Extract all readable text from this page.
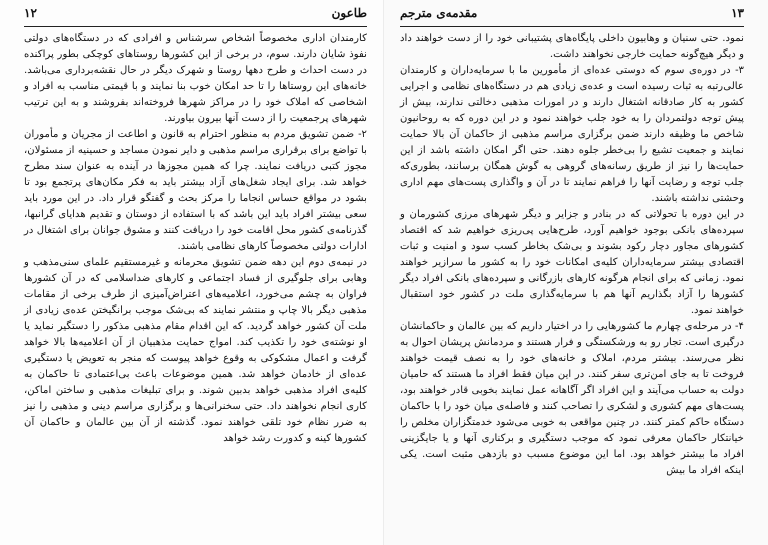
۱۲	طاعون

کارمندان اداری مخصوصاً اشخاص سرشناس و افرادی که در دستگاه‌های دولتی نفوذ شایان دارند. سوم، در برخی از این کشورها روستاهای کوچکی بطور پراکنده در دست احداث و طرح دهها روستا و شهرک دیگر در حال نقشه‌برداری می‌باشد. خانه‌های این روستاها را تا حد امکان خوب بنا نمایند و با قیمتی مناسب به افراد و اشخاصی که املاک خود را در مراکز شهرها فروخته‌اند بفروشند و به این ترتیب شهرهای پرجمعیت را از دست آنها بیرون بیاورند.

۲- ضمن تشویق مردم به منظور احترام به قانون و اطاعت از مجریان و مأموران با تواضع برای برقراری مراسم مذهبی و دایر نمودن مساجد و حسینیه از مسئولان، مجوز کتبی دریافت نمایند. چرا که همین مجوزها در آینده به عنوان سند مطرح خواهد شد. برای ایجاد شغل‌های آزاد بیشتر باید به فکر مکان‌های پرتجمع بود تا بشود در مواقع حساس انجاما را مرکز بحث و گفتگو قرار داد. در این مورد باید سعی بیشتر افراد باید این باشد که با استفاده از دوستان و تقدیم هدایای گرانبها، گذرنامه‌ی کشور محل اقامت خود را دریافت کنند و مشوق جوانان برای اشتغال در ادارات دولتی مخصوصاً کارهای نظامی باشند.

در نیمه‌ی دوم این دهه ضمن تشویق محرمانه و غیرمستقیم علمای سنی‌مذهب و وهابی برای جلوگیری از فساد اجتماعی و کارهای ضداسلامی که در آن کشورها فراوان به چشم می‌خورد، اعلامیه‌های اعتراض‌آمیزی از طرف برخی از مقامات مذهبی دیگر بالا چاپ و منتشر نمایند که بی‌شک موجب برانگیختن عده‌ی زیادی از ملت آن کشور خواهد گردید. که این اقدام مقام مذهبی مذکور را دستگیر نماید یا او نوشته‌ی خود را تکذیب کند. امواج حمایت مذهبیان از آن اعلامیه‌ها بالا خواهد گرفت و اعمال مشکوکی به وقوع خواهد پیوست که منجر به تعویض یا دستگیری عده‌ای از خادمان خواهد شد. همین موضوعات باعث بی‌اعتمادی تا حاکمان به کلیه‌ی افراد مذهبی خواهد بدبین شوند. و برای تبلیغات مذهبی و ساختن اماکن، کاری انجام نخواهند داد. حتی سخنرانی‌ها و برگزاری مراسم دینی و مذهبی را نیز به ضرر نظام خود تلقی خواهند نمود. گذشته از آن بین عالمان و حاکمان آن کشورها کینه و کدورت رشد خواهد

مقدمه‌ی مترجم	۱۳

نمود. حتی سنیان و وهابیون داخلی پایگاه‌های پشتیبانی خود را از دست خواهند داد و دیگر هیچ‌گونه حمایت خارجی نخواهند داشت.

۳- در دوره‌ی سوم که دوستی عده‌ای از مأمورین ما با سرمایه‌داران و کارمندان عالی‌رتبه به ثبات رسیده است و عده‌ی زیادی هم در دستگاه‌های نظامی و اجرایی کشور به کار صادقانه اشتغال دارند و در امورات مذهبی دخالتی ندارند، بیش از پیش توجه دولتمردان را به خود جلب خواهند نمود و در این دوره که به روحانیون شاخص ما وظیفه دارند ضمن برگزاری مراسم مذهبی از حاکمان آن بالا حمایت نمایند و جمعیت تشیع را بی‌خطر جلوه دهند. حتی اگر امکان داشته باشد از این حمایت‌ها را نیز از طریق رسانه‌های گروهی به گوش همگان برسانند، بطوری‌که جلب توجه و رضایت آنها را فراهم نمایند تا در آن و واگذاری پست‌های مهم اداری وحشتی نداشته باشند.

در این دوره با تحولاتی که در بنادر و جزایر و دیگر شهرهای مرزی کشورمان و سپرده‌های بانکی بوجود خواهیم آورد، طرح‌هایی پی‌ریزی خواهیم شد که اقتصاد کشورهای مجاور دچار رکود بشوند و بی‌شک بخاطر کسب سود و امنیت و ثبات اقتصادی بیشتر سرمایه‌داران کلیه‌ی امکانات خود را به کشور ما سرازیر خواهند نمود. زمانی که برای انجام هرگونه کارهای بازرگانی و سپرده‌های بانکی افراد دیگر کشورها را آزاد بگذاریم آنها هم با سرمایه‌گذاری ملت در کشور خود استقبال خواهند نمود.

۴- در مرحله‌ی چهارم ما کشورهایی را در اختیار داریم که بین عالمان و حاکمانشان درگیری است. تجار رو به ورشکستگی و فرار هستند و مردمانش پریشان احوال به نظر می‌رسند. بیشتر مردم، املاک و خانه‌های خود را به نصف قیمت خواهند فروخت تا به جای امن‌تری سفر کنند. در این میان فقط افراد ما هستند که حامیان دولت به حساب می‌آیند و این افراد اگر آگاهانه عمل نمایند بخوبی قادر خواهند بود، پست‌های مهم کشوری و لشکری را تصاحب کنند و فاصله‌ی میان خود را با حاکمان دستگاه حاکم کمتر کنند. در چنین مواقعی به خوبی می‌شود خدمتگزاران مخلص را خیانتکار حاکمان معرفی نمود که موجب دستگیری و برکناری آنها و یا جایگزینی افراد ما بیشتر خواهد بود. اما این موضوع مسبب دو بازدهی مثبت است. یکی اینکه افراد ما بیش
